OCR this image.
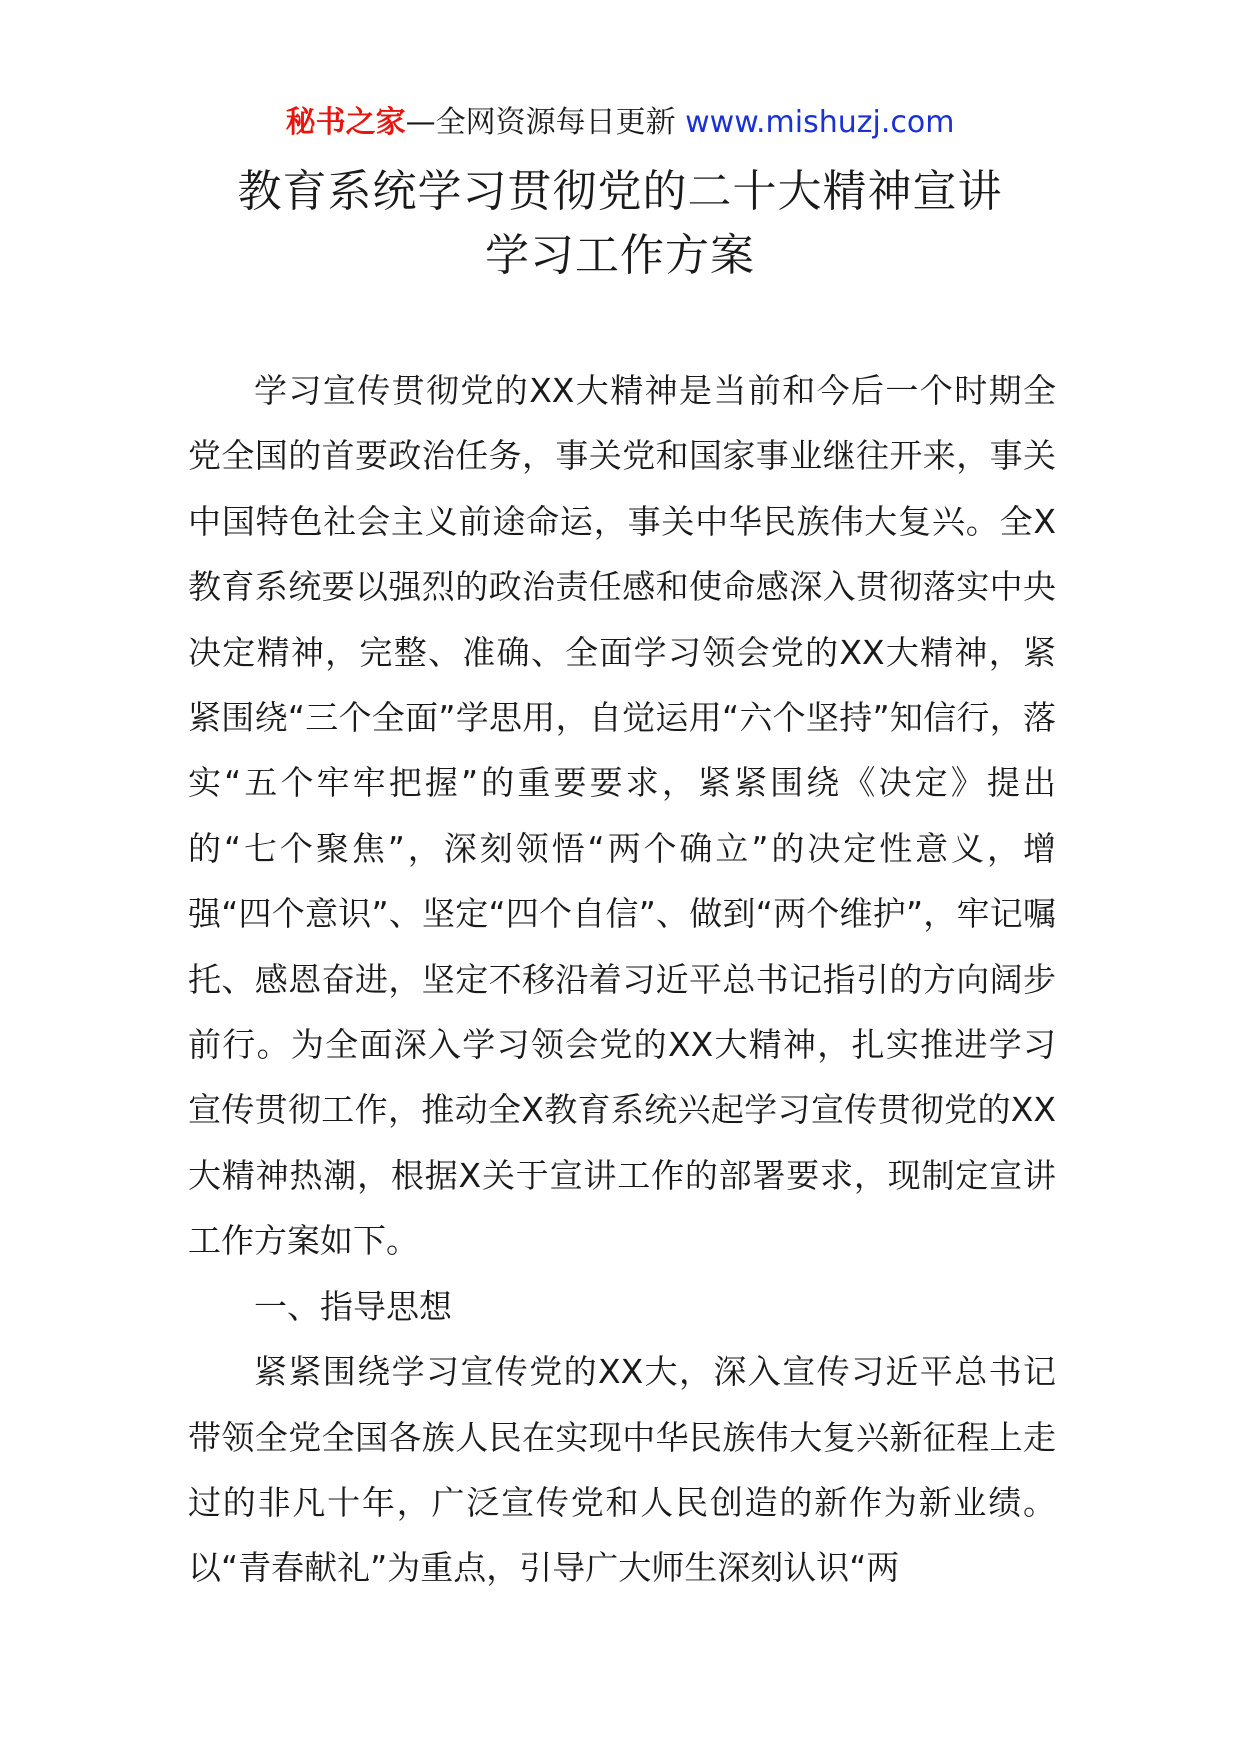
秘书之家—全网资源每日更新 www.mishuzj.com
教育系统学习贯彻党的二十大精神宣讲
学习工作方案

学习宣传贯彻党的XX大精神是当前和今后一个时期全党全国的首要政治任务，事关党和国家事业继往开来，事关中国特色社会主义前途命运，事关中华民族伟大复兴。全X教育系统要以强烈的政治责任感和使命感深入贯彻落实中央决定精神，完整、准确、全面学习领会党的XX大精神，紧紧围绕“三个全面”学思用，自觉运用“六个坚持”知信行，落实“五个牢牢把握”的重要要求，紧紧围绕《决定》提出的“七个聚焦”，深刻领悟“两个确立”的决定性意义，增强“四个意识”、坚定“四个自信”、做到“两个维护”，牢记嘱托、感恩奋进，坚定不移沿着习近平总书记指引的方向阔步前行。为全面深入学习领会党的XX大精神，扎实推进学习宣传贯彻工作，推动全X教育系统兴起学习宣传贯彻党的XX大精神热潮，根据X关于宣讲工作的部署要求，现制定宣讲工作方案如下。

一、指导思想

紧紧围绕学习宣传党的XX大，深入宣传习近平总书记带领全党全国各族人民在实现中华民族伟大复兴新征程上走过的非凡十年，广泛宣传党和人民创造的新作为新业绩。以“青春献礼”为重点，引导广大师生深刻认识“两
